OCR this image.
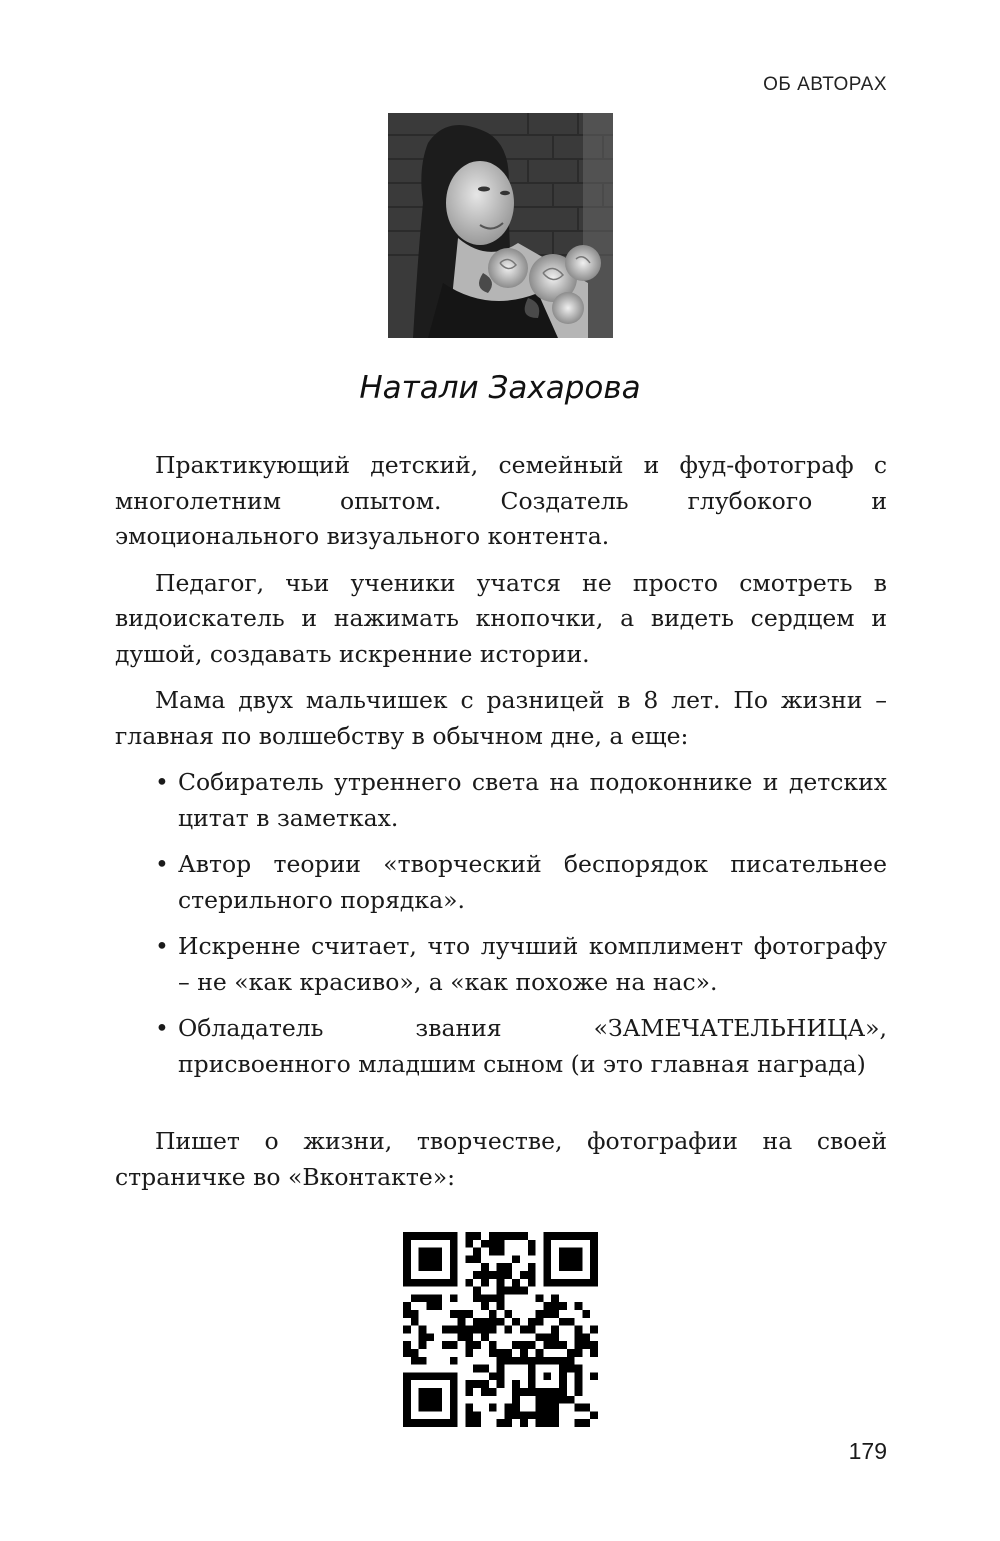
ОБ АВТОРАХ
Натали Захарова

Практикующий детский, семейный и фуд-фотограф с многолетним опытом. Создатель глубокого и эмоционального визуального контента.

Педагог, чьи ученики учатся не просто смотреть в видоискатель и нажимать кнопочки, а видеть сердцем и душой, создавать искренние истории.

Мама двух мальчишек с разницей в 8 лет. По жизни – главная по волшебству в обычном дне, а еще:

• Собиратель утреннего света на подоконнике и детских цитат в заметках.
• Автор теории «творческий беспорядок писательнее стерильного порядка».
• Искренне считает, что лучший комплимент фотографу – не «как красиво», а «как похоже на нас».
• Обладатель звания «ЗАМЕЧАТЕЛЬНИЦА», присвоенного младшим сыном (и это главная награда)

Пишет о жизни, творчестве, фотографии на своей страничке во «Вконтакте»:

179
